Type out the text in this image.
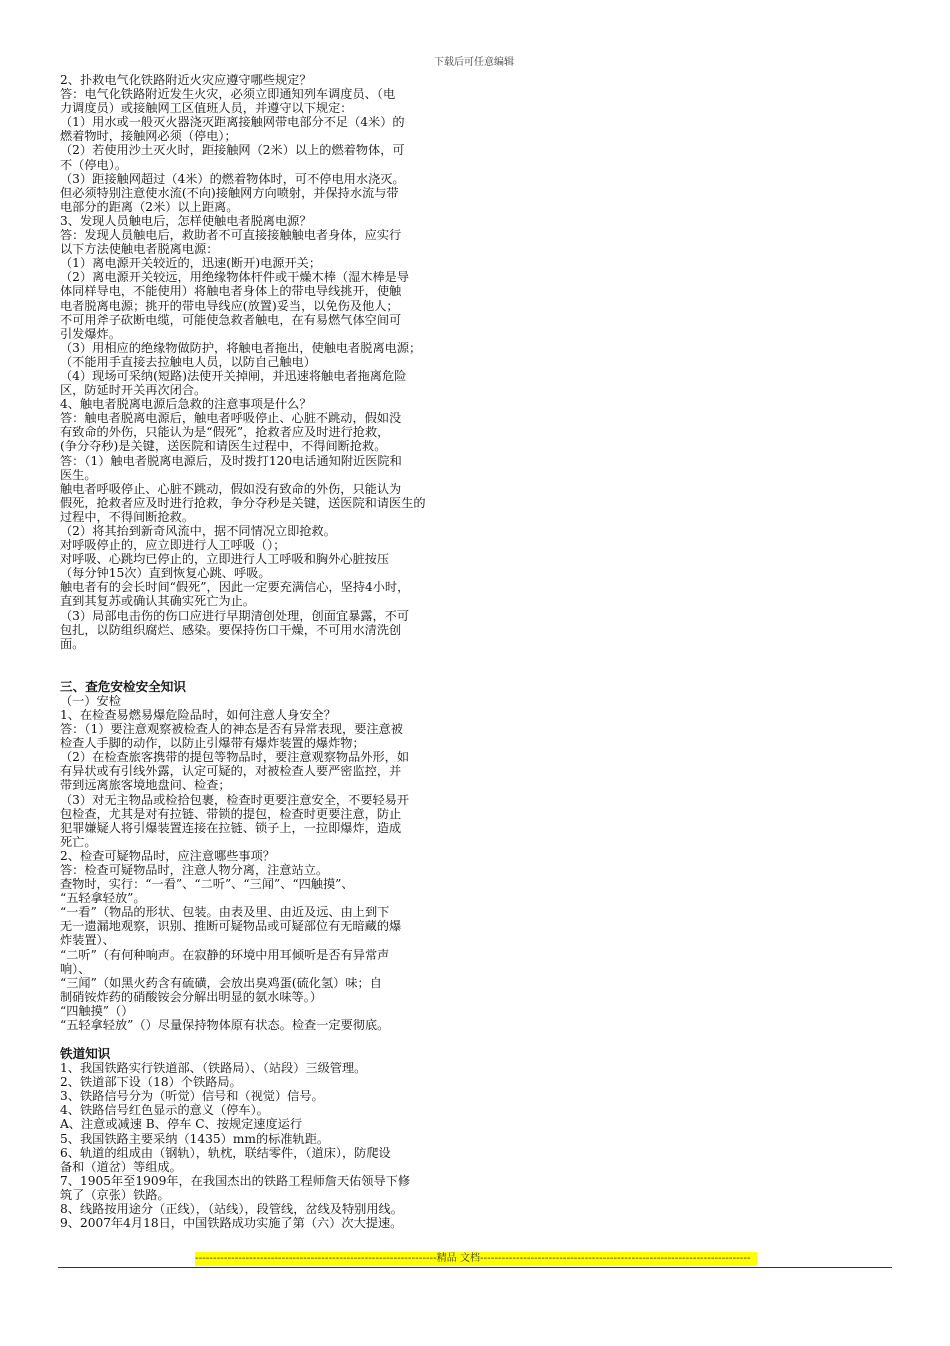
下载后可任意编辑

2、扑救电气化铁路附近火灾应遵守哪些规定？

答：电气化铁路附近发生火灾，必须立即通知列车调度员、（电

力调度员）或接触网工区值班人员，并遵守以下规定：

（1）用水或一般灭火器浇灭距离接触网带电部分不足（4米）的

燃着物时，接触网必须（停电）；

（2）若使用沙土灭火时，距接触网（2米）以上的燃着物体，可

不（停电）。

（3）距接触网超过（4米）的燃着物体时，可不停电用水浇灭。

但必须特别注意使水流(不向)接触网方向喷射，并保持水流与带

电部分的距离（2米）以上距离。

3、发现人员触电后，怎样使触电者脱离电源？

答：发现人员触电后，救助者不可直接接触触电者身体，应实行

以下方法使触电者脱离电源：

（1）离电源开关较近的，迅速(断开)电源开关；

（2）离电源开关较远，用绝缘物体杆件或干燥木棒（湿木棒是导

体同样导电，不能使用）将触电者身体上的带电导线挑开，使触

电者脱离电源；挑开的带电导线应(放置)妥当，以免伤及他人；

不可用斧子砍断电缆，可能使急救者触电，在有易燃气体空间可

引发爆炸。

（3）用相应的绝缘物做防护，将触电者拖出，使触电者脱离电源；

（不能用手直接去拉触电人员，以防自己触电）

（4）现场可采纳(短路)法使开关掉闸，并迅速将触电者拖离危险

区，防延时开关再次闭合。

4、触电者脱离电源后急救的注意事项是什么？

答：触电者脱离电源后，触电者呼吸停止、心脏不跳动，假如没

有致命的外伤，只能认为是“假死”，抢救者应及时进行抢救，

(争分夺秒)是关键，送医院和请医生过程中，不得间断抢救。

答：（1）触电者脱离电源后，及时拨打120电话通知附近医院和

医生。

触电者呼吸停止、心脏不跳动，假如没有致命的外伤，只能认为

假死，抢救者应及时进行抢救，争分夺秒是关键，送医院和请医生的

过程中，不得间断抢救。

（2）将其抬到新奇风流中，据不同情况立即抢救。

对呼吸停止的，应立即进行人工呼吸（）；

对呼吸、心跳均已停止的，立即进行人工呼吸和胸外心脏按压

（每分钟15次）直到恢复心跳、呼吸。

触电者有的会长时间“假死”，因此一定要充满信心，坚持4小时，

直到其复苏或确认其确实死亡为止。

（3）局部电击伤的伤口应进行早期清创处理，创面宜暴露，不可

包扎，以防组织腐烂、感染。要保持伤口干燥，不可用水清洗创

面。

三、查危安检安全知识

（一）安检

1、在检查易燃易爆危险品时，如何注意人身安全？

答：（1）要注意观察被检查人的神态是否有异常表现，要注意被

检查人手脚的动作，以防止引爆带有爆炸装置的爆炸物；

（2）在检查旅客携带的提包等物品时，要注意观察物品外形，如

有异状或有引线外露，认定可疑的，对被检查人要严密监控，并

带到远离旅客境地盘问、检查；

（3）对无主物品或检拾包裹，检查时更要注意安全，不要轻易开

包检查，尤其是对有拉链、带锁的提包，检查时更要注意，防止

犯罪嫌疑人将引爆装置连接在拉链、锁子上，一拉即爆炸，造成

死亡。

2、检查可疑物品时，应注意哪些事项？

答：检查可疑物品时，注意人物分离，注意站立。

查物时，实行：“一看”、“二听”、“三闻”、“四触摸”、

“五轻拿轻放”。

“一看”（物品的形状、包装。由表及里、由近及远、由上到下

无一遗漏地观察，识别、推断可疑物品或可疑部位有无暗藏的爆

炸装置）、

“二听”（有何种响声。在寂静的环境中用耳倾听是否有异常声

响）、

“三闻”（如黑火药含有硫磺，会放出臭鸡蛋(硫化氢）味；自

制硝铵炸药的硝酸铵会分解出明显的氨水味等。）

“四触摸”（）

“五轻拿轻放”（）尽量保持物体原有状态。检查一定要彻底。

铁道知识

1、我国铁路实行铁道部、（铁路局）、（站段）三级管理。

2、铁道部下设（18）个铁路局。

3、铁路信号分为（听觉）信号和（视觉）信号。

4、铁路信号红色显示的意义（停车）。

A、注意或减速 B、停车 C、按规定速度运行

5、我国铁路主要采纳（1435）mm的标准轨距。

6、轨道的组成由（钢轨），轨枕，联结零件，（道床），防爬设

备和（道岔）等组成。

7、1905年至1909年，在我国杰出的铁路工程师詹天佑领导下修

筑了（京张）铁路。

8、线路按用途分（正线），（站线），段管线，岔线及特别用线。

9、2007年4月18日，中国铁路成功实施了第（六）次大提速。

-------------------------------------------------------------------精品 文档---------------------------------------------------------------------------
